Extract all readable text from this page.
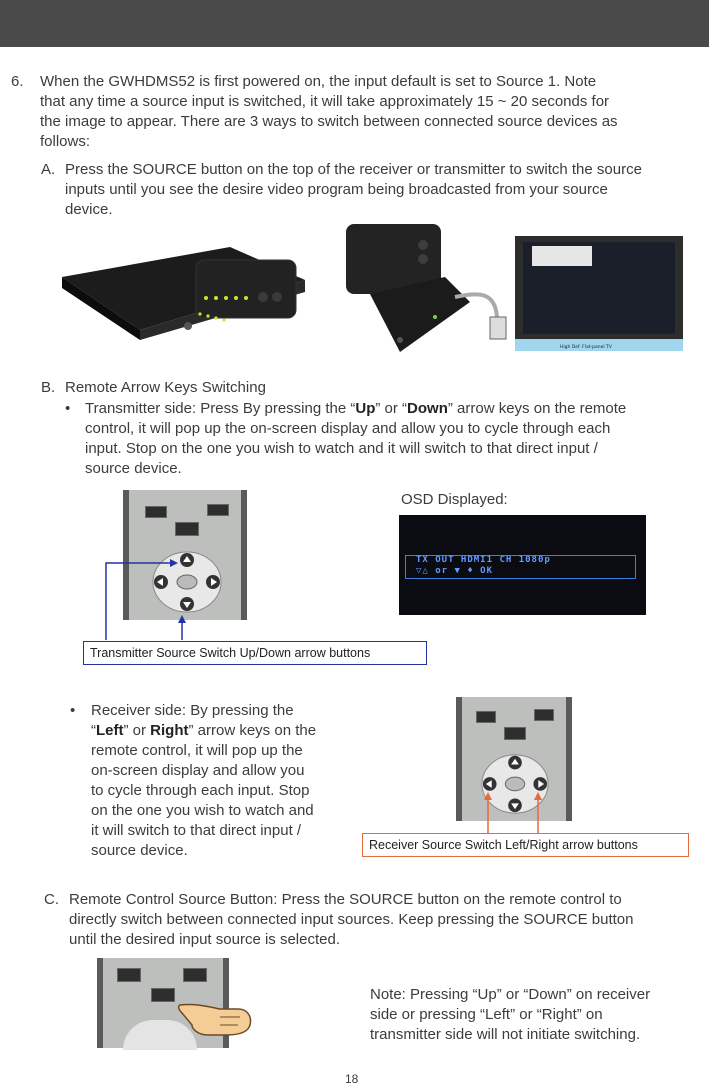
6. When the GWHDMS52 is first powered on, the input default is set to Source 1. Note
that any time a source input is switched, it will take approximately 15 ~ 20 seconds for
the image to appear. There are 3 ways to switch between connected source devices as
follows:
A. Press the SOURCE button on the top of the receiver or transmitter to switch the source
inputs until you see the desire video program being broadcasted from your source
device.
High Def. Flat-panel TV
B. Remote Arrow Keys Switching
• Transmitter side: Press By pressing the “Up” or “Down” arrow keys on the remote
control, it will pop up the on-screen display and allow you to cycle through each
input. Stop on the one you wish to watch and it will switch to that direct input /
source device.
Transmitter Source Switch Up/Down arrow buttons
OSD Displayed:
TX OUT HDMI1 CH 1080p
▽△ or ▼ ♦ OK
• Receiver side: By pressing the
“Left” or Right” arrow keys on the
remote control, it will pop up the
on-screen display and allow you
to cycle through each input. Stop
on the one you wish to watch and
it will switch to that direct input /
source device.	Receiver Source Switch Left/Right arrow buttons
C. Remote Control Source Button: Press the SOURCE button on the remote control to
directly switch between connected input sources. Keep pressing the SOURCE button
until the desired input source is selected.
Note: Pressing “Up” or “Down” on receiver
side or pressing “Left” or “Right” on
transmitter side will not initiate switching.
18
